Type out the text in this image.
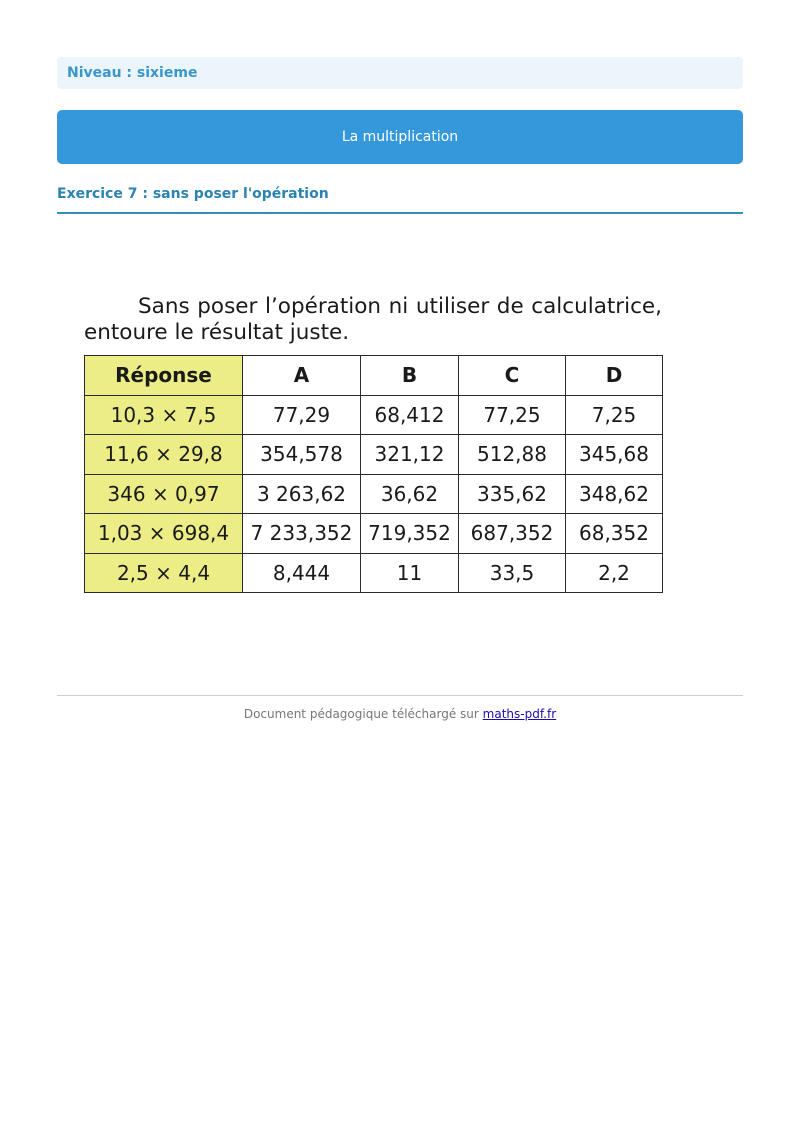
Niveau : sixieme
La multiplication
Exercice 7 : sans poser l'opération

Sans poser l’opération ni utiliser de calculatrice,
entoure le résultat juste.

Réponse	A	B	C	D
10,3 × 7,5	77,29	68,412	77,25	7,25
11,6 × 29,8	354,578	321,12	512,88	345,68
346 × 0,97	3 263,62	36,62	335,62	348,62
1,03 × 698,4	7 233,352	719,352	687,352	68,352
2,5 × 4,4	8,444	11	33,5	2,2
Document pédagogique téléchargé sur maths-pdf.fr
